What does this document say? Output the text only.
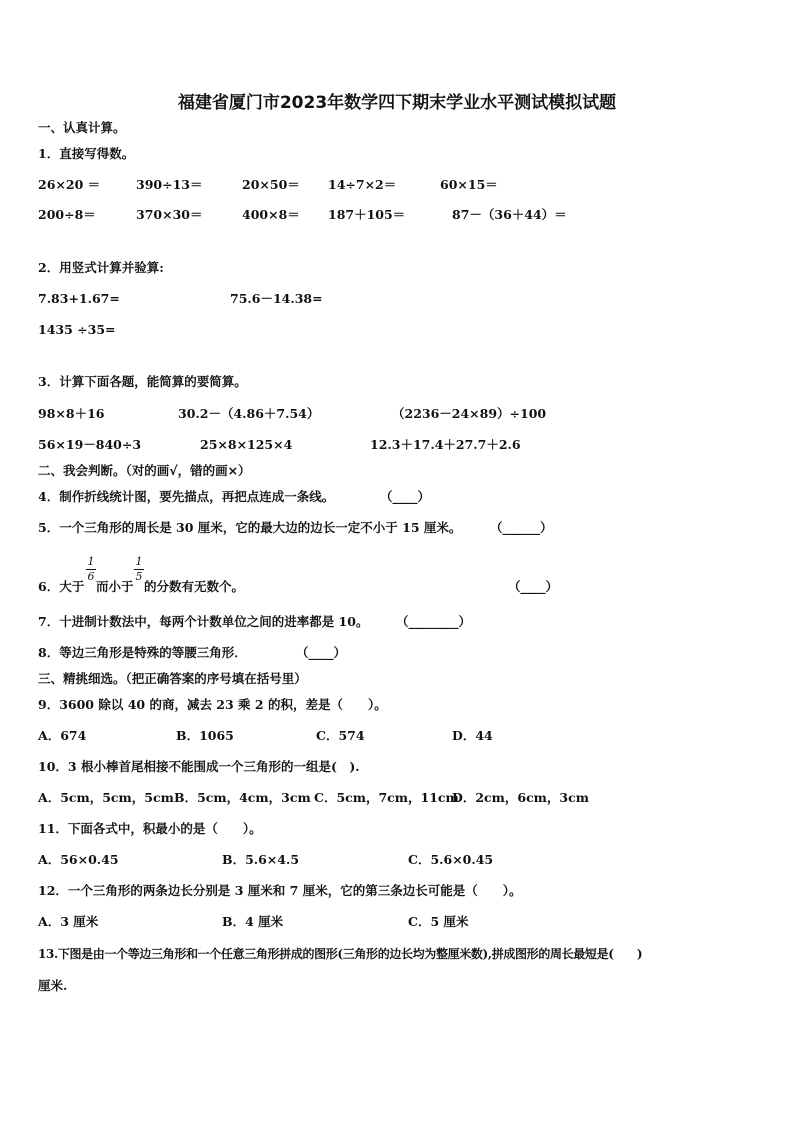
福建省厦门市2023年数学四下期末学业水平测试模拟试题
一、认真计算。
1．直接写得数。
26×20 ＝	390÷13＝	20×50＝ 14÷7×2＝	60×15＝
200÷8＝	370×30＝	400×8＝ 187＋105＝	87－（36＋44）＝
2．用竖式计算并验算:
7.83+1.67=	75.6－14.38=
1435 ÷35=
3．计算下面各题，能简算的要简算。
98×8＋16	30.2－（4.86＋7.54）	（2236－24×89）÷100
56×19－840÷3	25×8×125×4	12.3＋17.4＋27.7＋2.6
二、我会判断。（对的画√，错的画×）
4．制作折线统计图，要先描点，再把点连成一条线。	（____）
5．一个三角形的周长是 30 厘米，它的最大边的边长一定不小于 15 厘米。 （______）
6．大于
1
6
而小于
1
5
的分数有无数个。	（____）
7．十进制计数法中，每两个计数单位之间的进率都是 10。 （________）
8．等边三角形是特殊的等腰三角形．	（____）
三、精挑细选。（把正确答案的序号填在括号里）
9．3600 除以 40 的商，减去 23 乘 2 的积，差是（　　）。
A．674	B．1065	C．574	D．44
10．3 根小棒首尾相接不能围成一个三角形的一组是(　).
A．5cm，5cm，5cm B．5cm，4cm，3cm C．5cm，7cm，11cm
D．2cm，6cm，3cm
11．下面各式中，积最小的是（　　）。
A．56×0.45	B．5.6×4.5	C．5.6×0.45
12．一个三角形的两条边长分别是 3 厘米和 7 厘米，它的第三条边长可能是（　　）。
A．3 厘米	B．4 厘米	C．5 厘米
13.下图是由一个等边三角形和一个任意三角形拼成的图形(三角形的边长均为整厘米数),拼成图形的周长最短是(　　)
厘米.
